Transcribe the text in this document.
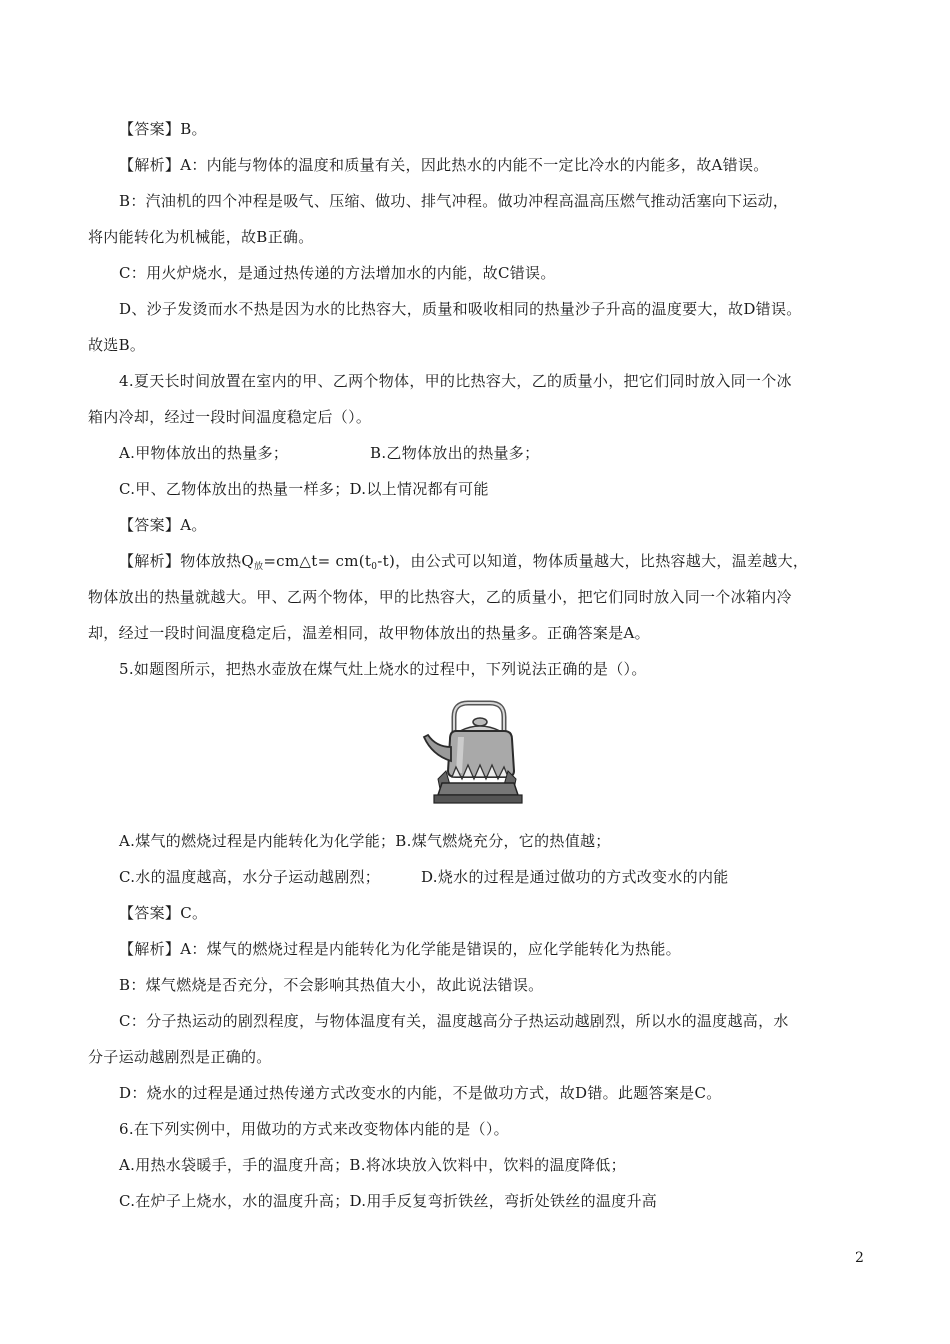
【答案】B。
【解析】A：内能与物体的温度和质量有关，因此热水的内能不一定比冷水的内能多，故A错误。
B：汽油机的四个冲程是吸气、压缩、做功、排气冲程。做功冲程高温高压燃气推动活塞向下运动，
将内能转化为机械能，故B正确。
C：用火炉烧水，是通过热传递的方法增加水的内能，故C错误。
D、沙子发烫而水不热是因为水的比热容大，质量和吸收相同的热量沙子升高的温度要大，故D错误。
故选B。
4.夏天长时间放置在室内的甲、乙两个物体，甲的比热容大，乙的质量小，把它们同时放入同一个冰
箱内冷却，经过一段时间温度稳定后（）。
A.甲物体放出的热量多；	B.乙物体放出的热量多；
C.甲、乙物体放出的热量一样多；D.以上情况都有可能
【答案】A。
【解析】物体放热$Q_放=cm\triangle t= cm(t_0-t)$，由公式可以知道，物体质量越大，比热容越大，温差越大，
物体放出的热量就越大。甲、乙两个物体，甲的比热容大，乙的质量小，把它们同时放入同一个冰箱内冷
却，经过一段时间温度稳定后，温差相同，故甲物体放出的热量多。正确答案是A。
5.如题图所示，把热水壶放在煤气灶上烧水的过程中，下列说法正确的是（）。
A.煤气的燃烧过程是内能转化为化学能；B.煤气燃烧充分，它的热值越；
C.水的温度越高，水分子运动越剧烈；	D.烧水的过程是通过做功的方式改变水的内能
【答案】C。
【解析】A：煤气的燃烧过程是内能转化为化学能是错误的，应化学能转化为热能。
B：煤气燃烧是否充分，不会影响其热值大小，故此说法错误。
C：分子热运动的剧烈程度，与物体温度有关，温度越高分子热运动越剧烈，所以水的温度越高，水
分子运动越剧烈是正确的。
D：烧水的过程是通过热传递方式改变水的内能，不是做功方式，故D错。此题答案是C。
6.在下列实例中，用做功的方式来改变物体内能的是（）。
A.用热水袋暖手，手的温度升高；B.将冰块放入饮料中，饮料的温度降低；
C.在炉子上烧水，水的温度升高；D.用手反复弯折铁丝，弯折处铁丝的温度升高
2
